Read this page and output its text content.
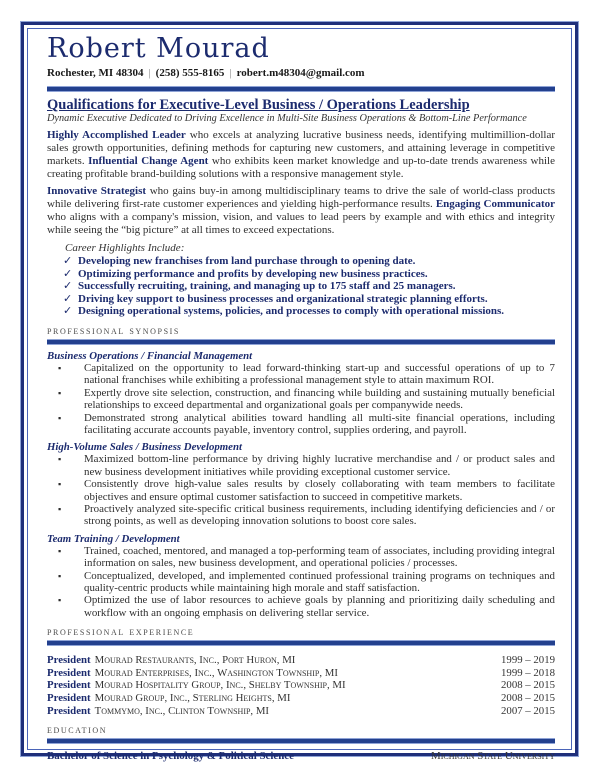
Robert Mourad
Rochester, MI 48304 | (258) 555-8165 | robert.m48304@gmail.com
Qualifications for Executive-Level Business / Operations Leadership
Dynamic Executive Dedicated to Driving Excellence in Multi-Site Business Operations & Bottom-Line Performance
Highly Accomplished Leader who excels at analyzing lucrative business needs, identifying multimillion-dollar sales growth opportunities, defining methods for capturing new customers, and attaining leverage in competitive markets. Influential Change Agent who exhibits keen market knowledge and up-to-date trends awareness while creating profitable brand-building solutions with a responsive management style.
Innovative Strategist who gains buy-in among multidisciplinary teams to drive the sale of world-class products while delivering first-rate customer experiences and yielding high-performance results. Engaging Communicator who aligns with a company's mission, vision, and values to lead peers by example and with ethics and integrity while seeing the “big picture” at all times to exceed expectations.
Career Highlights Include:
✓ Developing new franchises from land purchase through to opening date.
✓ Optimizing performance and profits by developing new business practices.
✓ Successfully recruiting, training, and managing up to 175 staff and 25 managers.
✓ Driving key support to business processes and organizational strategic planning efforts.
✓ Designing operational systems, policies, and processes to comply with operational missions.
professional synopsis
Business Operations / Financial Management
▪ Capitalized on the opportunity to lead forward-thinking start-up and successful operations of up to 7 national franchises while exhibiting a professional management style to attain maximum ROI.
▪ Expertly drove site selection, construction, and financing while building and sustaining mutually beneficial relationships to exceed departmental and organizational goals per companywide needs.
▪ Demonstrated strong analytical abilities toward handling all multi-site financial operations, including facilitating accurate accounts payable, inventory control, supplies ordering, and payroll.
High-Volume Sales / Business Development
▪ Maximized bottom-line performance by driving highly lucrative merchandise and / or product sales and new business development initiatives while providing exceptional customer service.
▪ Consistently drove high-value sales results by closely collaborating with team members to facilitate objectives and ensure optimal customer satisfaction to succeed in competitive markets.
▪ Proactively analyzed site-specific critical business requirements, including identifying deficiencies and / or strong points, as well as developing innovation solutions to boost core sales.
Team Training / Development
▪ Trained, coached, mentored, and managed a top-performing team of associates, including providing integral information on sales, new business development, and operational policies / processes.
▪ Conceptualized, developed, and implemented continued professional training programs on techniques and quality-centric products while maintaining high morale and staff satisfaction.
▪ Optimized the use of labor resources to achieve goals by planning and prioritizing daily scheduling and workflow with an ongoing emphasis on delivering stellar service.
professional experience
President Mourad Restaurants, Inc., Port Huron, MI	1999 – 2019
President Mourad Enterprises, Inc., Washington Township, MI	1999 – 2018
President Mourad Hospitality Group, Inc., Shelby Township, MI	2008 – 2015
President Mourad Group, Inc., Sterling Heights, MI	2008 – 2015
President Tommymo, Inc., Clinton Township, MI	2007 – 2015
education
Bachelor of Science in Psychology & Political Science	Michigan State University
